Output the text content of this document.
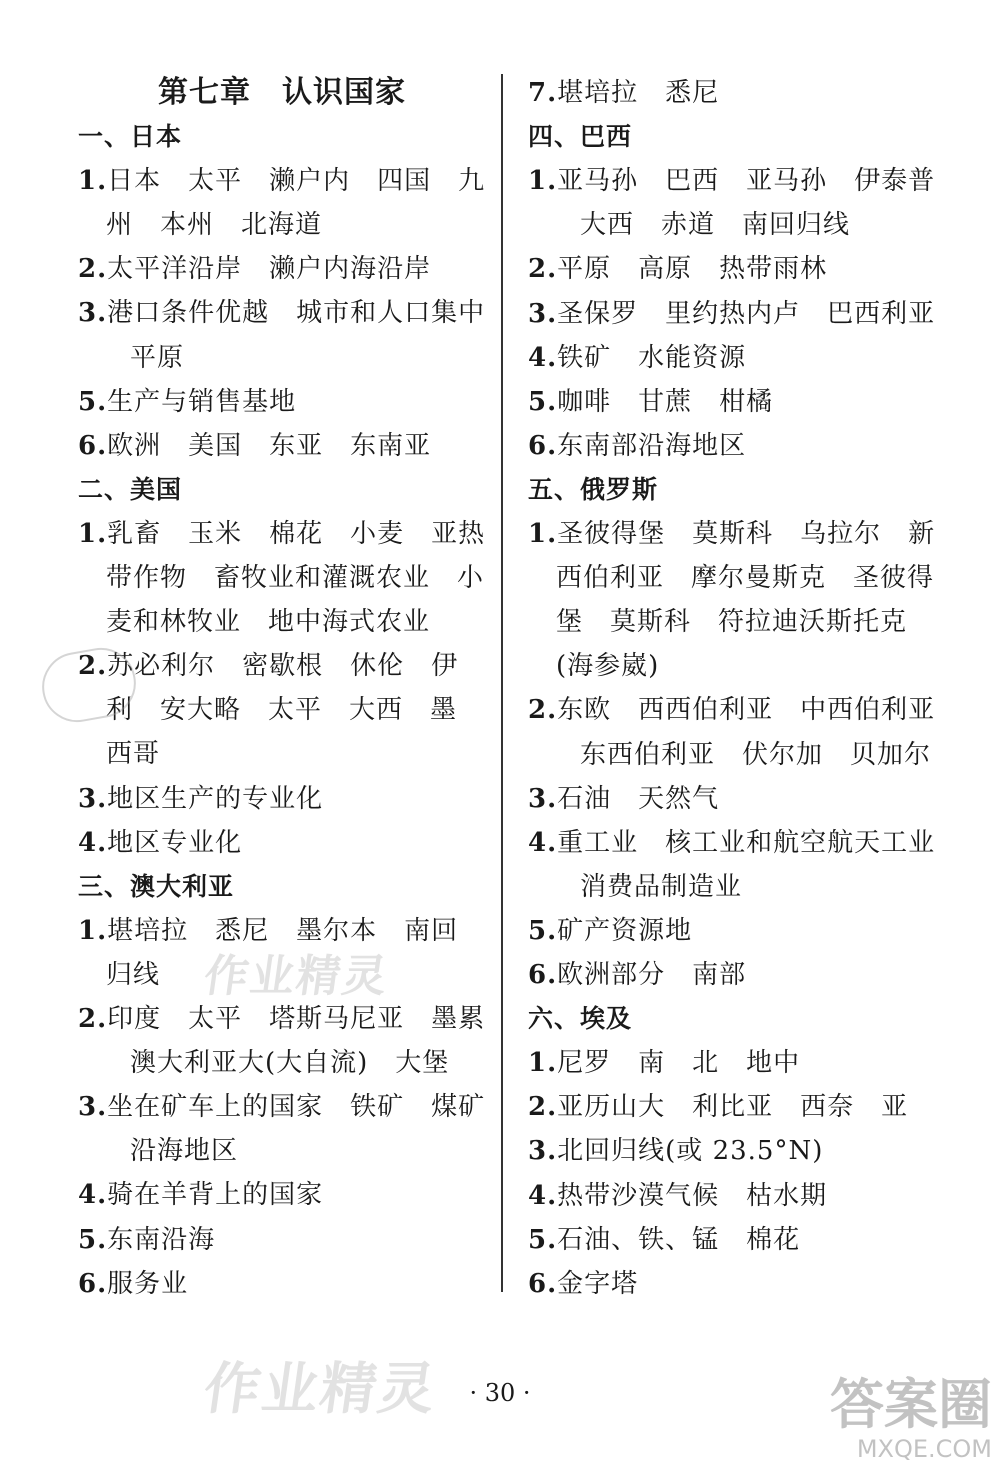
第七章　认识国家
一、日本
1.日本　太平　濑户内　四国　九
州　本州　北海道
2.太平洋沿岸　濑户内海沿岸
3.港口条件优越　城市和人口集中
平原
5.生产与销售基地
6.欧洲　美国　东亚　东南亚
二、美国
1.乳畜　玉米　棉花　小麦　亚热
带作物　畜牧业和灌溉农业　小
麦和林牧业　地中海式农业
2.苏必利尔　密歇根　休伦　伊
利　安大略　太平　大西　墨
西哥
3.地区生产的专业化
4.地区专业化
三、澳大利亚
1.堪培拉　悉尼　墨尔本　南回
归线
2.印度　太平　塔斯马尼亚　墨累
澳大利亚大(大自流)　大堡
3.坐在矿车上的国家　铁矿　煤矿
沿海地区
4.骑在羊背上的国家
5.东南沿海
6.服务业
7.堪培拉　悉尼
四、巴西
1.亚马孙　巴西　亚马孙　伊泰普
大西　赤道　南回归线
2.平原　高原　热带雨林
3.圣保罗　里约热内卢　巴西利亚
4.铁矿　水能资源
5.咖啡　甘蔗　柑橘
6.东南部沿海地区
五、俄罗斯
1.圣彼得堡　莫斯科　乌拉尔　新
西伯利亚　摩尔曼斯克　圣彼得
堡　莫斯科　符拉迪沃斯托克
(海参崴)
2.东欧　西西伯利亚　中西伯利亚
东西伯利亚　伏尔加　贝加尔
3.石油　天然气
4.重工业　核工业和航空航天工业
消费品制造业
5.矿产资源地
6.欧洲部分　南部
六、埃及
1.尼罗　南　北　地中
2.亚历山大　利比亚　西奈　亚
3.北回归线(或 23.5°N)
4.热带沙漠气候　枯水期
5.石油、铁、锰　棉花
6.金字塔
作业精灵
作业精灵	答案圈
MXQE.COM
· 30 ·
